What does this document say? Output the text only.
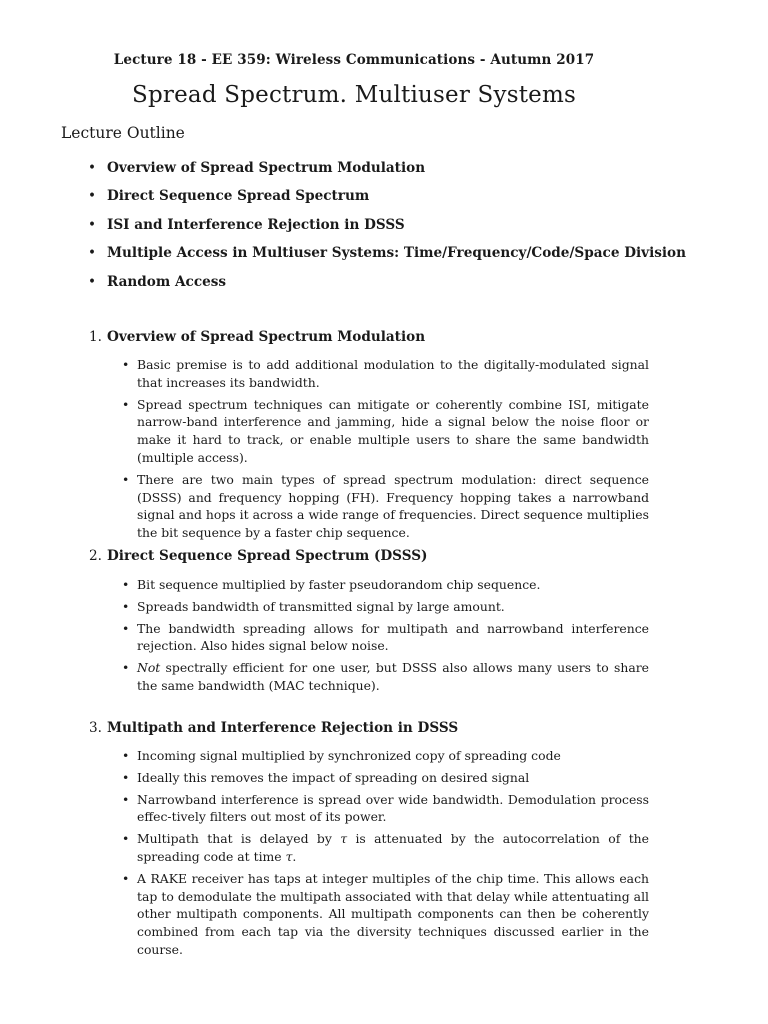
Lecture 18 - EE 359: Wireless Communications - Autumn 2017
Spread Spectrum. Multiuser Systems
Lecture Outline
• Overview of Spread Spectrum Modulation
• Direct Sequence Spread Spectrum
• ISI and Interference Rejection in DSSS
• Multiple Access in Multiuser Systems: Time/Frequency/Code/Space Division
• Random Access

1. Overview of Spread Spectrum Modulation

• Basic premise is to add additional modulation to the digitally-modulated signal that increases its bandwidth.
• Spread spectrum techniques can mitigate or coherently combine ISI, mitigate narrow-band interference and jamming, hide a signal below the noise floor or make it hard to track, or enable multiple users to share the same bandwidth (multiple access).
• There are two main types of spread spectrum modulation: direct sequence (DSSS) and frequency hopping (FH). Frequency hopping takes a narrowband signal and hops it across a wide range of frequencies. Direct sequence multiplies the bit sequence by a faster chip sequence.

2. Direct Sequence Spread Spectrum (DSSS)

• Bit sequence multiplied by faster pseudorandom chip sequence.
• Spreads bandwidth of transmitted signal by large amount.
• The bandwidth spreading allows for multipath and narrowband interference rejection. Also hides signal below noise.
• Not spectrally efficient for one user, but DSSS also allows many users to share the same bandwidth (MAC technique).

3. Multipath and Interference Rejection in DSSS

• Incoming signal multiplied by synchronized copy of spreading code
• Ideally this removes the impact of spreading on desired signal
• Narrowband interference is spread over wide bandwidth. Demodulation process effec-tively filters out most of its power.
• Multipath that is delayed by τ is attenuated by the autocorrelation of the spreading code at time τ.
• A RAKE receiver has taps at integer multiples of the chip time. This allows each tap to demodulate the multipath associated with that delay while attentuating all other multipath components. All multipath components can then be coherently combined from each tap via the diversity techniques discussed earlier in the course.
